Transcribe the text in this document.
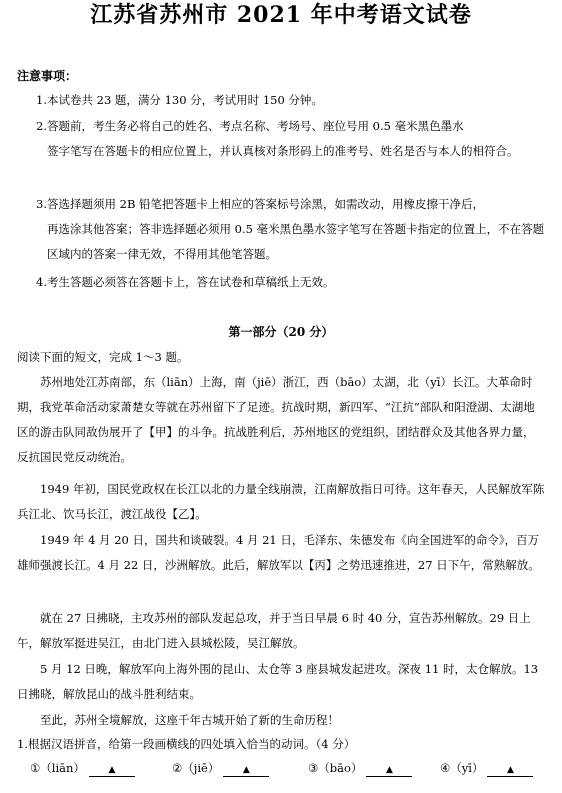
江苏省苏州市 2021 年中考语文试卷
注意事项：
1.本试卷共 23 题，满分 130 分，考试用时 150 分钟。
2.答题前，考生务必将自己的姓名、考点名称、考场号、座位号用 0.5 毫米黑色墨水
签字笔写在答题卡的相应位置上，并认真核对条形码上的准考号、姓名是否与本人的相符合。
3.答选择题须用 2B 铅笔把答题卡上相应的答案标号涂黑，如需改动，用橡皮擦干净后，
再选涂其他答案；答非选择题必须用 0.5 毫米黑色墨水签字笔写在答题卡指定的位置上，不在答题区域内的答案一律无效，不得用其他笔答题。
4.考生答题必须答在答题卡上，答在试卷和草稿纸上无效。
第一部分（20 分）
阅读下面的短文，完成 1～3 题。
苏州地处江苏南部，东（liān）上海，南（jiē）浙江，西（bāo）太湖，北（yī）长江。大革命时期，我党革命活动家萧楚女等就在苏州留下了足迹。抗战时期，新四军、“江抗”部队和阳澄湖、太湖地区的游击队同敌伪展开了【甲】的斗争。抗战胜利后，苏州地区的党组织，团结群众及其他各界力量，反抗国民党反动统治。
1949 年初，国民党政权在长江以北的力量全线崩溃，江南解放指日可待。这年春天，人民解放军陈兵江北、饮马长江，渡江战役【乙】。
1949 年 4 月 20 日，国共和谈破裂。4 月 21 日，毛泽东、朱德发布《向全国进军的命令》，百万雄师强渡长江。4 月 22 日，沙洲解放。此后，解放军以【丙】之势迅速推进，27 日下午，常熟解放。
就在 27 日拂晓，主攻苏州的部队发起总攻，并于当日早晨 6 时 40 分，宣告苏州解放。29 日上午，解放军挺进吴江，由北门进入县城松陵，吴江解放。
5 月 12 日晚，解放军向上海外围的昆山、太仓等 3 座县城发起进攻。深夜 11 时，太仓解放。13 日拂晓，解放昆山的战斗胜利结束。
至此，苏州全境解放，这座千年古城开始了新的生命历程！
1.根据汉语拼音，给第一段画横线的四处填入恰当的动词。（4 分）
①（liān）	▲	②（jiē）	▲	③（bāo）	▲	④（yī）	▲
